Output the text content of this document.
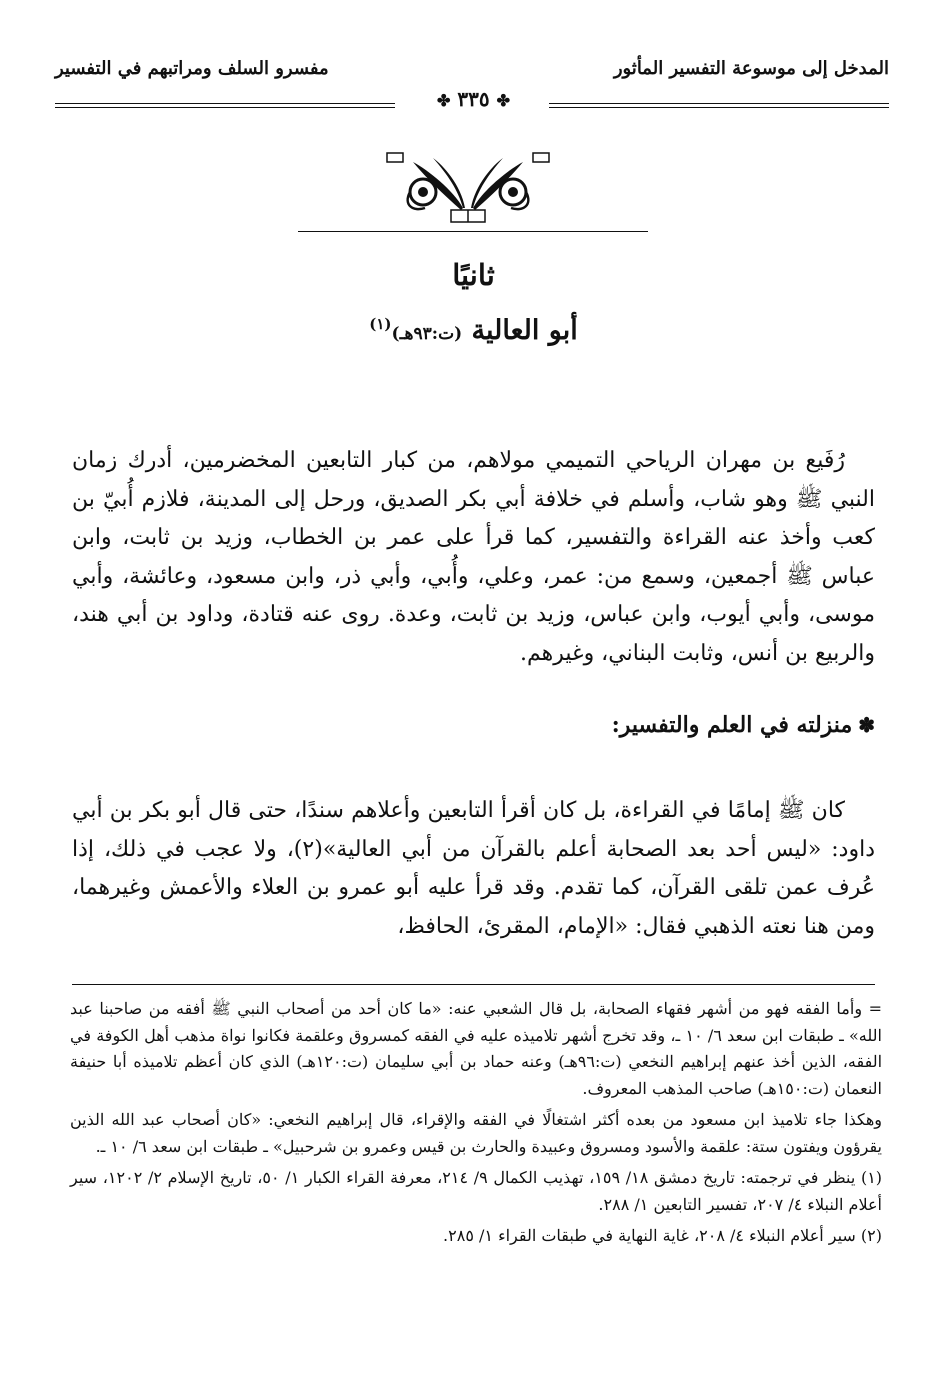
المدخل إلى موسوعة التفسير المأثور
مفسرو السلف ومراتبهم في التفسير
✤ ٣٣٥ ✤
ثانيًا
أبو العالية (ت:٩٣هـ)$^{(١)}$

رُفَيع بن مهران الرياحي التميمي مولاهم، من كبار التابعين المخضرمين، أدرك زمان النبي ﷺ وهو شاب، وأسلم في خلافة أبي بكر الصديق، ورحل إلى المدينة، فلازم أُبيّ بن كعب وأخذ عنه القراءة والتفسير، كما قرأ على عمر بن الخطاب، وزيد بن ثابت، وابن عباس ﷺ أجمعين، وسمع من: عمر، وعلي، وأُبي، وأبي ذر، وابن مسعود، وعائشة، وأبي موسى، وأبي أيوب، وابن عباس، وزيد بن ثابت، وعدة. روى عنه قتادة، وداود بن أبي هند، والربيع بن أنس، وثابت البناني، وغيرهم.

✽منزلته في العلم والتفسير:

كان ﷺ إمامًا في القراءة، بل كان أقرأ التابعين وأعلاهم سندًا، حتى قال أبو بكر بن أبي داود: «ليس أحد بعد الصحابة أعلم بالقرآن من أبي العالية»(٢)، ولا عجب في ذلك، إذا عُرف عمن تلقى القرآن، كما تقدم. وقد قرأ عليه أبو عمرو بن العلاء والأعمش وغيرهما، ومن هنا نعته الذهبي فقال: «الإمام، المقرئ، الحافظ،

= وأما الفقه فهو من أشهر فقهاء الصحابة، بل قال الشعبي عنه: «ما كان أحد من أصحاب النبي ﷺ أفقه من صاحبنا عبد الله» ـ طبقات ابن سعد ٦/ ١٠ ـ، وقد تخرج أشهر تلاميذه عليه في الفقه كمسروق وعلقمة فكانوا نواة مذهب أهل الكوفة في الفقه، الذين أخذ عنهم إبراهيم النخعي (ت:٩٦هـ) وعنه حماد بن أبي سليمان (ت:١٢٠هـ) الذي كان أعظم تلاميذه أبا حنيفة النعمان (ت:١٥٠هـ) صاحب المذهب المعروف.

وهكذا جاء تلاميذ ابن مسعود من بعده أكثر اشتغالًا في الفقه والإقراء، قال إبراهيم النخعي: «كان أصحاب عبد الله الذين يقرؤون ويفتون ستة: علقمة والأسود ومسروق وعبيدة والحارث بن قيس وعمرو بن شرحبيل» ـ طبقات ابن سعد ٦/ ١٠ ـ.

(١) ينظر في ترجمته: تاريخ دمشق ١٨/ ١٥٩، تهذيب الكمال ٩/ ٢١٤، معرفة القراء الكبار ١/ ٥٠، تاريخ الإسلام ٢/ ١٢٠٢، سير أعلام النبلاء ٤/ ٢٠٧، تفسير التابعين ١/ ٢٨٨.

(٢) سير أعلام النبلاء ٤/ ٢٠٨، غاية النهاية في طبقات القراء ١/ ٢٨٥.
